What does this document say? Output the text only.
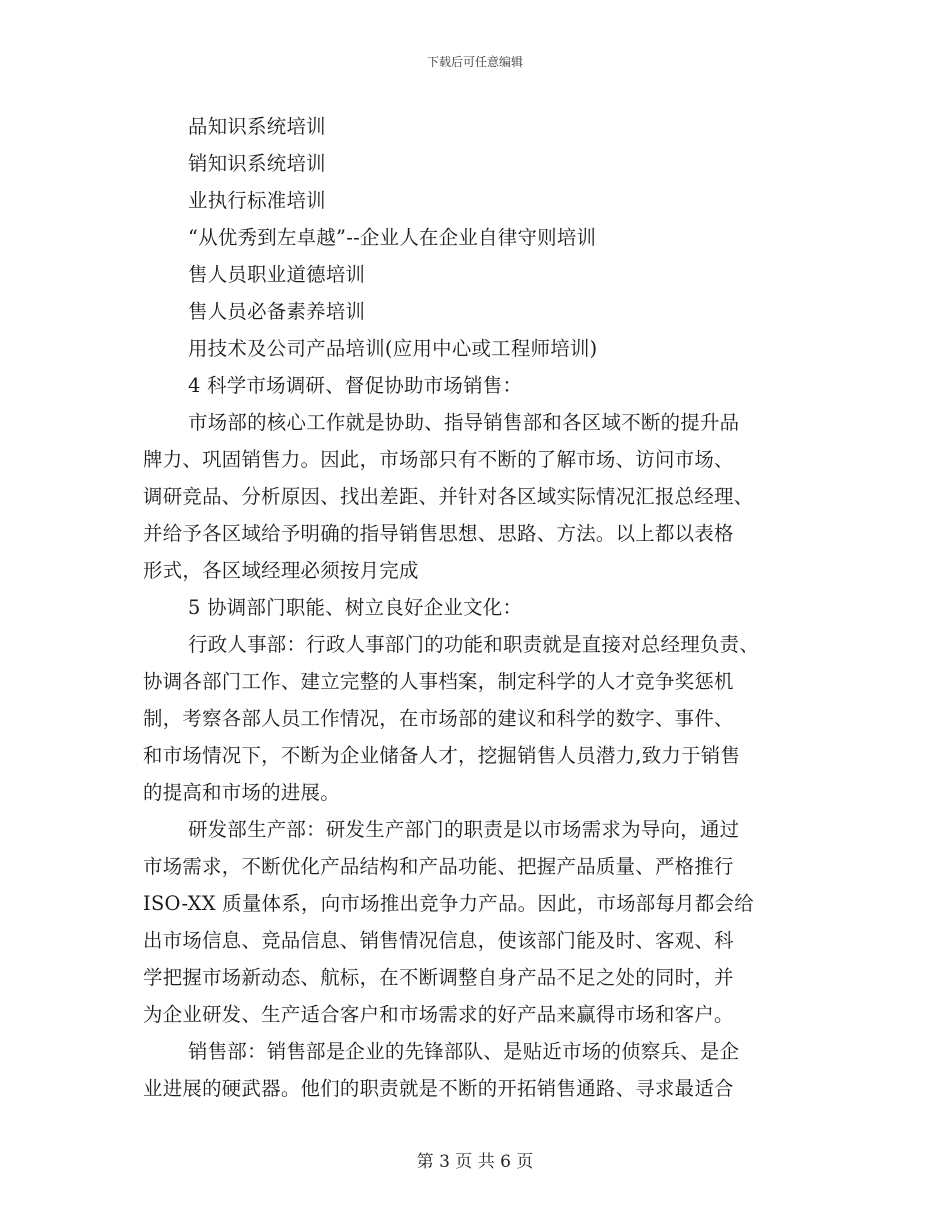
下载后可任意编辑
品知识系统培训
销知识系统培训
业执行标准培训
“从优秀到左卓越”--企业人在企业自律守则培训
售人员职业道德培训
售人员必备素养培训
用技术及公司产品培训(应用中心或工程师培训)
4 科学市场调研、督促协助市场销售：
市场部的核心工作就是协助、指导销售部和各区域不断的提升品
牌力、巩固销售力。因此，市场部只有不断的了解市场、访问市场、
调研竞品、分析原因、找出差距、并针对各区域实际情况汇报总经理、
并给予各区域给予明确的指导销售思想、思路、方法。以上都以表格
形式，各区域经理必须按月完成
5 协调部门职能、树立良好企业文化：
行政人事部：行政人事部门的功能和职责就是直接对总经理负责、
协调各部门工作、建立完整的人事档案，制定科学的人才竞争奖惩机
制，考察各部人员工作情况，在市场部的建议和科学的数字、事件、
和市场情况下，不断为企业储备人才，挖掘销售人员潜力,致力于销售
的提高和市场的进展。
研发部生产部：研发生产部门的职责是以市场需求为导向，通过
市场需求，不断优化产品结构和产品功能、把握产品质量、严格推行
ISO-XX 质量体系，向市场推出竞争力产品。因此，市场部每月都会给
出市场信息、竞品信息、销售情况信息，使该部门能及时、客观、科
学把握市场新动态、航标，在不断调整自身产品不足之处的同时，并
为企业研发、生产适合客户和市场需求的好产品来赢得市场和客户。
销售部：销售部是企业的先锋部队、是贴近市场的侦察兵、是企
业进展的硬武器。他们的职责就是不断的开拓销售通路、寻求最适合
第 3 页 共 6 页
